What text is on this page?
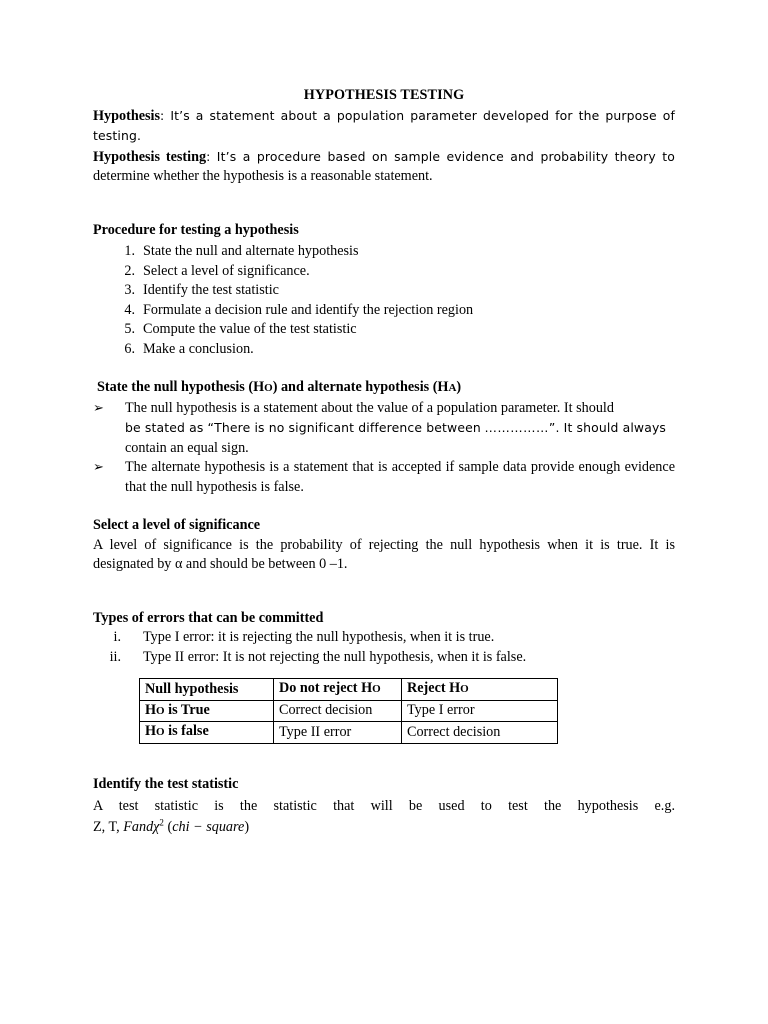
HYPOTHESIS TESTING

Hypothesis: It’s a statement about a population parameter developed for the purpose of testing.

Hypothesis testing: It’s a procedure based on sample evidence and probability theory to

determine whether the hypothesis is a reasonable statement.

Procedure for testing a hypothesis

1. State the null and alternate hypothesis
2. Select a level of significance.
3. Identify the test statistic
4. Formulate a decision rule and identify the rejection region
5. Compute the value of the test statistic
6. Make a conclusion.

State the null hypothesis (HO) and alternate hypothesis (HA)

➢ The null hypothesis is a statement about the value of a population parameter. It should
be stated as “There is no significant difference between ……………”. It should always
contain an equal sign.
➢ The alternate hypothesis is a statement that is accepted if sample data provide enough evidence that the null hypothesis is false.

Select a level of significance

A level of significance is the probability of rejecting the null hypothesis when it is true. It is designated by α and should be between 0 –1.

Types of errors that can be committed

i. Type I error: it is rejecting the null hypothesis, when it is true.
ii. Type II error: It is not rejecting the null hypothesis, when it is false.
Null hypothesis	Do not reject HO	Reject HO
HO is True	Correct decision	Type I error
HO is false	Type II error	Correct decision

Identify the test statistic

A test statistic is the statistic that will be used to test the hypothesis e.g.

Z, T, Fandχ$^2$ (chi − square)
